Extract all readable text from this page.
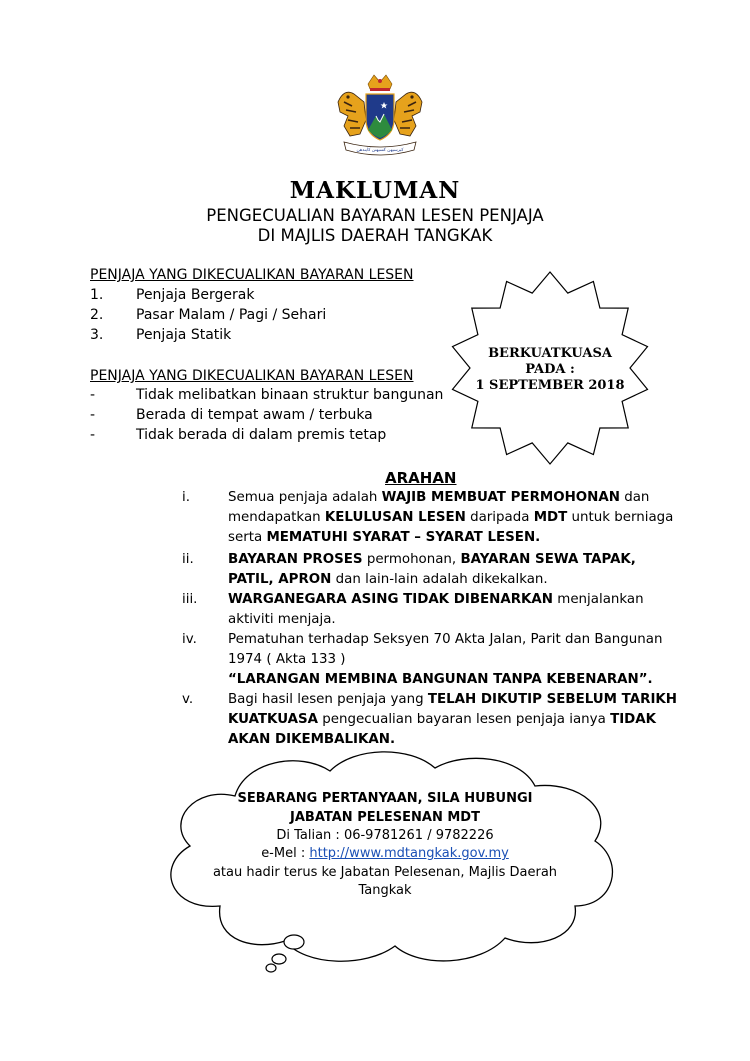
کبرسيهن کسيهتن کايندهن
MAKLUMAN
PENGECUALIAN BAYARAN LESEN PENJAJA
DI MAJLIS DAERAH TANGKAK
PENJAJA YANG DIKECUALIKAN BAYARAN LESEN
1. Penjaja Bergerak
2. Pasar Malam / Pagi / Sehari
3. Penjaja Statik
PENJAJA YANG DIKECUALIKAN BAYARAN LESEN
-	Tidak melibatkan binaan struktur bangunan
-	Berada di tempat awam / terbuka
-	Tidak berada di dalam premis tetap
BERKUATKUASA
PADA :
1 SEPTEMBER 2018
ARAHAN
i.	Semua penjaja adalah WAJIB MEMBUAT PERMOHONAN dan mendapatkan KELULUSAN LESEN daripada MDT untuk berniaga serta MEMATUHI SYARAT – SYARAT LESEN.
ii.	BAYARAN PROSES permohonan, BAYARAN SEWA TAPAK, PATIL, APRON dan lain-lain adalah dikekalkan.
iii. WARGANEGARA ASING TIDAK DIBENARKAN menjalankan aktiviti menjaja.
iv. Pematuhan terhadap Seksyen 70 Akta Jalan, Parit dan Bangunan 1974 ( Akta 133 )
“LARANGAN MEMBINA BANGUNAN TANPA KEBENARAN”.
v.	Bagi hasil lesen penjaja yang TELAH DIKUTIP SEBELUM TARIKH KUATKUASA pengecualian bayaran lesen penjaja ianya TIDAK AKAN DIKEMBALIKAN.
SEBARANG PERTANYAAN, SILA HUBUNGI
JABATAN PELESENAN MDT
Di Talian : 06-9781261 / 9782226
e-Mel : http://www.mdtangkak.gov.my
atau hadir terus ke Jabatan Pelesenan, Majlis Daerah
Tangkak
